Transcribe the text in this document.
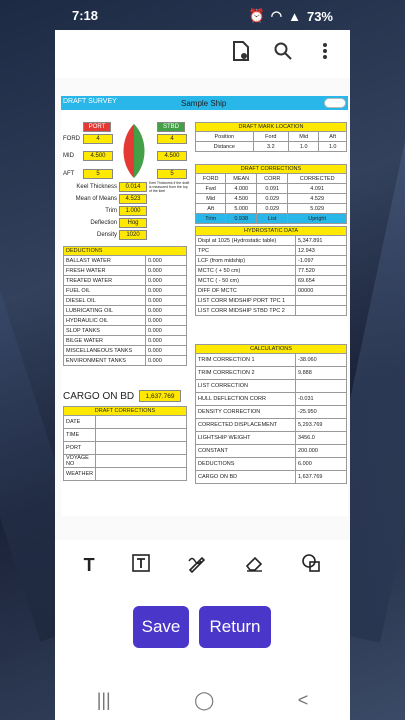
7:18	⏰ ◠ ▲ 73%
DRAFT SURVEY	Sample Ship
PORT	STBD
FORD	4	4
MID	4.500	4.500
AFT	5	5
Keel Thickness	0.014
Keel Thickness if the draft is measured from the top of the keel
Mean of Means	4.523
Trim	1.000
Deflection	Hog
Density	1020
DRAFT MARK LOCATION			
Position	Ford	Mid	Aft
Distance	3.2	1.0	1.0
DRAFT CORRECTIONS			
FORD	MEAN	CORR	CORRECTED
Fwd	4.000	0.091	4.091
Mid	4.500	0.029	4.529
Aft	5.000	0.029	5.029
Trim	0.938	List	Upright
HYDROSTATIC DATA	
Displ at 1025 (Hydrostatic table)	5,347.891
TPC	12.943
LCF (from midship)	-1.097
MCTC ( + 50 cm)	77.520
MCTC ( - 50 cm)	69.654
DIFF OF MCTC	00000
LIST CORR MIDSHIP PORT TPC 1	
LIST CORR MIDSHIP STBD TPC 2	
DEDUCTIONS	
BALLAST WATER	0.000
FRESH WATER	0.000
TREATED WATER	0.000
FUEL OIL	0.000
DIESEL OIL	0.000
LUBRICATING OIL	0.000
HYDRAULIC OIL	0.000
SLOP TANKS	0.000
BILGE WATER	0.000
MISCELLANEOUS TANKS	0.000
ENVIRONMENT TANKS	0.000
CARGO ON BD	1,637.769
DRAFT CORRECTIONS	
DATE	
TIME	
PORT	
VOYAGE NO	
WEATHER	
CALCULATIONS	
TRIM CORRECTION 1	-38.060
TRIM CORRECTION 2	9.888
LIST CORRECTION	
HULL DEFLECTION CORR	-0.031
DENSITY CORRECTION	-25.950
CORRECTED DISPLACEMENT	5,293.769
LIGHTSHIP WEIGHT	3456.0
CONSTANT	200.000
DEDUCTIONS	6.000
CARGO ON BD	1,637.769
T
Save	Return
|||	◯	<
